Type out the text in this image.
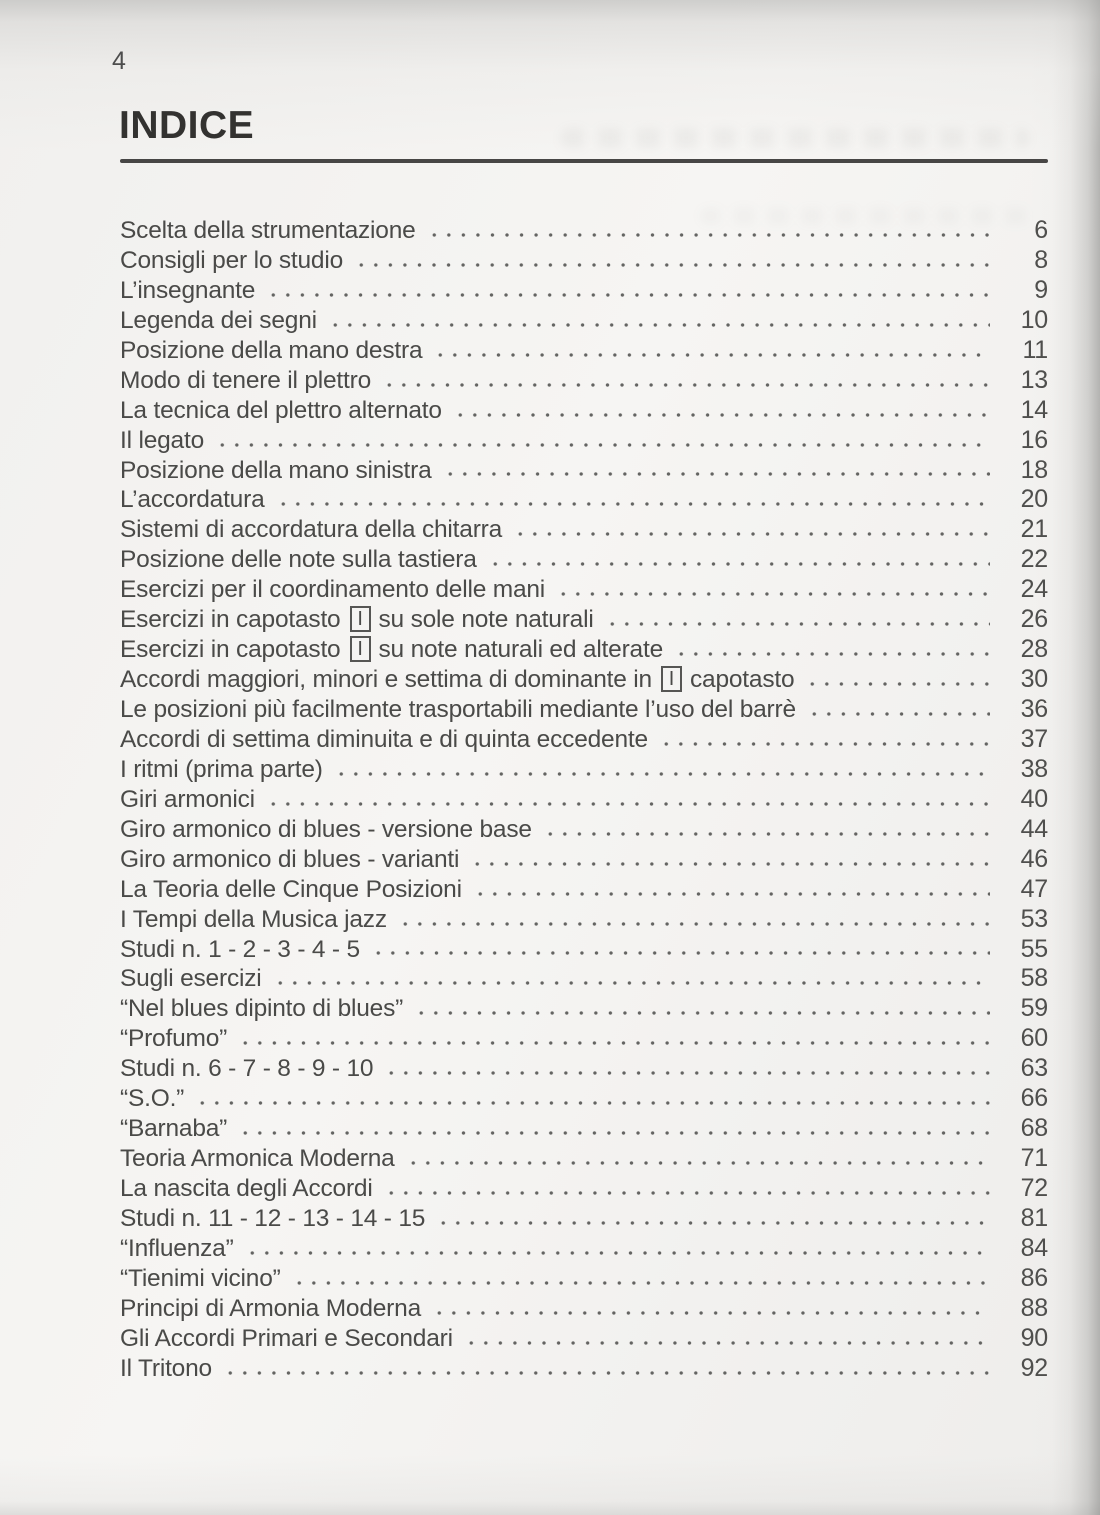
4
INDICE
Scelta della strumentazione	6
Consigli per lo studio	8
L’insegnante	9
Legenda dei segni	10
Posizione della mano destra	11
Modo di tenere il plettro	13
La tecnica del plettro alternato	14
Il legato	16
Posizione della mano sinistra	18
L’accordatura	20
Sistemi di accordatura della chitarra	21
Posizione delle note sulla tastiera	22
Esercizi per il coordinamento delle mani	24
Esercizi in capotasto I su sole note naturali	26
Esercizi in capotasto I su note naturali ed alterate	28
Accordi maggiori, minori e settima di dominante in I capotasto	30
Le posizioni più facilmente trasportabili mediante l’uso del barrè	36
Accordi di settima diminuita e di quinta eccedente	37
I ritmi (prima parte)	38
Giri armonici	40
Giro armonico di blues - versione base	44
Giro armonico di blues - varianti	46
La Teoria delle Cinque Posizioni	47
I Tempi della Musica jazz	53
Studi n. 1 - 2 - 3 - 4 - 5	55
Sugli esercizi	58
“Nel blues dipinto di blues”	59
“Profumo”	60
Studi n. 6 - 7 - 8 - 9 - 10	63
“S.O.”	66
“Barnaba”	68
Teoria Armonica Moderna	71
La nascita degli Accordi	72
Studi n. 11 - 12 - 13 - 14 - 15	81
“Influenza”	84
“Tienimi vicino”	86
Principi di Armonia Moderna	88
Gli Accordi Primari e Secondari	90
Il Tritono	92
